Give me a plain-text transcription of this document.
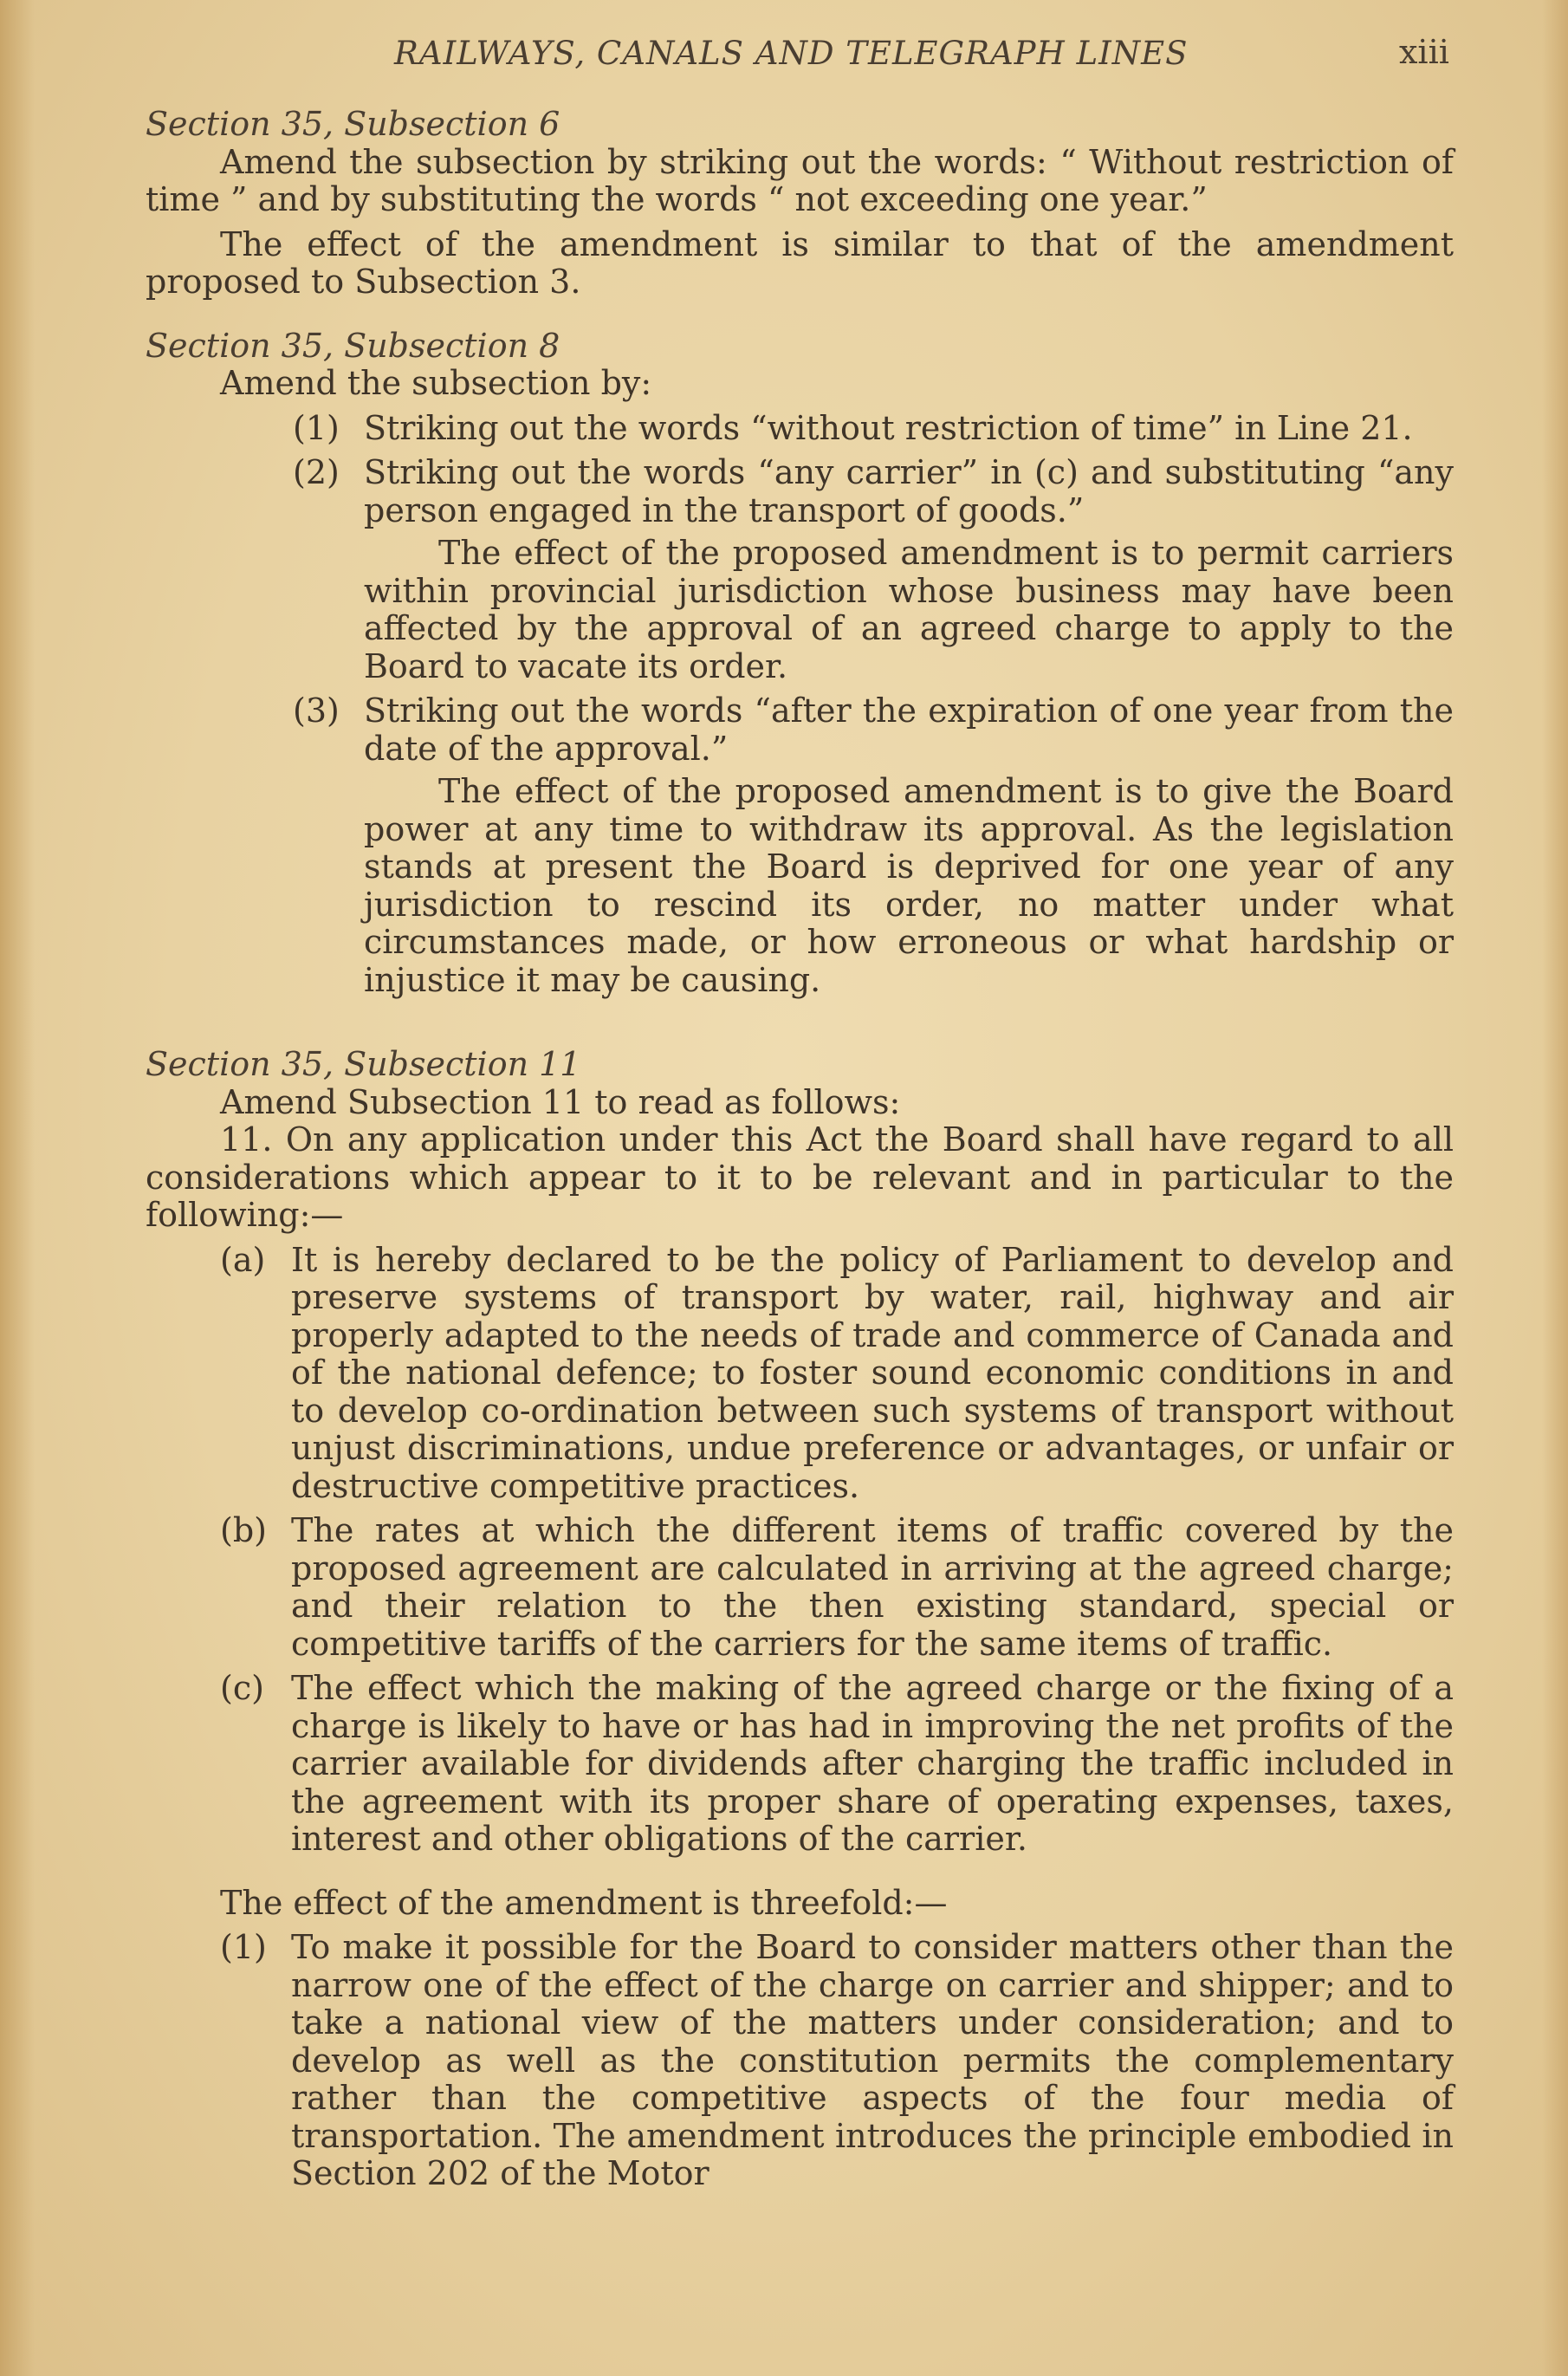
RAILWAYS, CANALS AND TELEGRAPH LINES	xiii

Section 35, Subsection 6

Amend the subsection by striking out the words: “ Without restriction of time ” and by substituting the words “ not exceeding one year.”

The effect of the amendment is similar to that of the amendment proposed to Subsection 3.

Section 35, Subsection 8

Amend the subsection by:

(1) Striking out the words “without restriction of time” in Line 21.
(2) Striking out the words “any carrier” in (c) and substituting “any person engaged in the transport of goods.”

The effect of the proposed amendment is to permit carriers within provincial jurisdiction whose business may have been affected by the approval of an agreed charge to apply to the Board to vacate its order.

(3) Striking out the words “after the expiration of one year from the date of the approval.”

The effect of the proposed amendment is to give the Board power at any time to withdraw its approval. As the legislation stands at present the Board is deprived for one year of any jurisdiction to rescind its order, no matter under what circumstances made, or how erroneous or what hardship or injustice it may be causing.

Section 35, Subsection 11

Amend Subsection 11 to read as follows:

11. On any application under this Act the Board shall have regard to all considerations which appear to it to be relevant and in particular to the following:—

(a) It is hereby declared to be the policy of Parliament to develop and preserve systems of transport by water, rail, highway and air properly adapted to the needs of trade and commerce of Canada and of the national defence; to foster sound economic conditions in and to develop co-ordination between such systems of transport without unjust discriminations, undue preference or advantages, or unfair or destructive competitive practices.
(b) The rates at which the different items of traffic covered by the proposed agreement are calculated in arriving at the agreed charge; and their relation to the then existing standard, special or competitive tariffs of the carriers for the same items of traffic.
(c) The effect which the making of the agreed charge or the fixing of a charge is likely to have or has had in improving the net profits of the carrier available for dividends after charging the traffic included in the agreement with its proper share of operating expenses, taxes, interest and other obligations of the carrier.

The effect of the amendment is threefold:—

(1) To make it possible for the Board to consider matters other than the narrow one of the effect of the charge on carrier and shipper; and to take a national view of the matters under consideration; and to develop as well as the constitution permits the complementary rather than the competitive aspects of the four media of transportation. The amendment introduces the principle embodied in Section 202 of the Motor
